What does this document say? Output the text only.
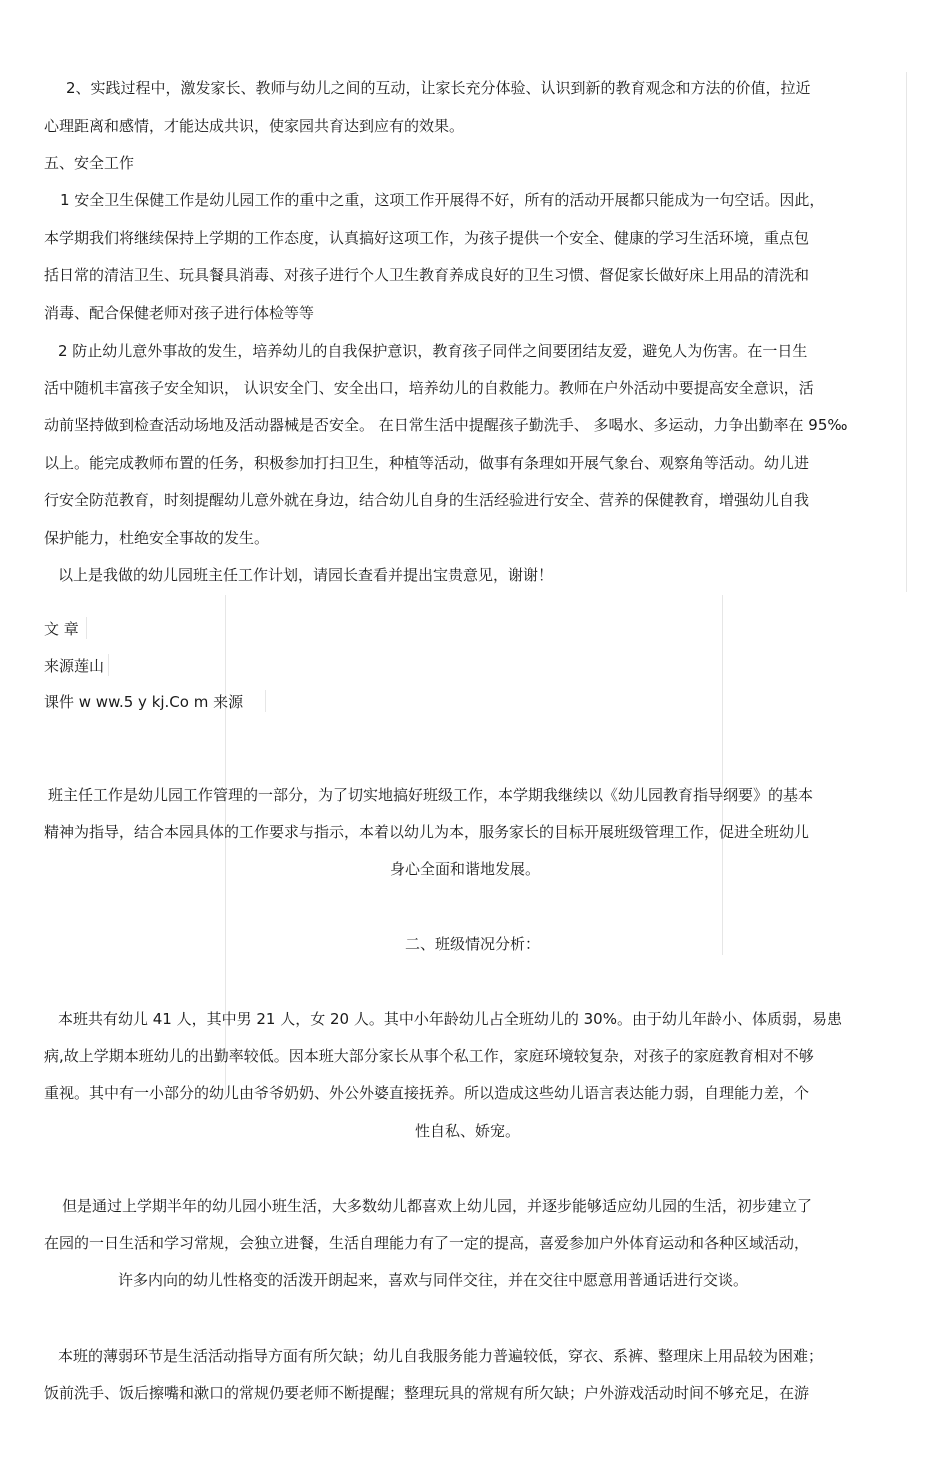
2、实践过程中，激发家长、教师与幼儿之间的互动，让家长充分体验、认识到新的教育观念和方法的价值，拉近
心理距离和感情，才能达成共识，使家园共育达到应有的效果。
五、安全工作
1 安全卫生保健工作是幼儿园工作的重中之重，这项工作开展得不好，所有的活动开展都只能成为一句空话。因此，
本学期我们将继续保持上学期的工作态度，认真搞好这项工作，为孩子提供一个安全、健康的学习生活环境，重点包
括日常的清洁卫生、玩具餐具消毒、对孩子进行个人卫生教育养成良好的卫生习惯、督促家长做好床上用品的清洗和
消毒、配合保健老师对孩子进行体检等等
2 防止幼儿意外事故的发生，培养幼儿的自我保护意识，教育孩子同伴之间要团结友爱，避免人为伤害。在一日生
活中随机丰富孩子安全知识， 认识安全门、安全出口，培养幼儿的自救能力。教师在户外活动中要提高安全意识，活
动前坚持做到检查活动场地及活动器械是否安全。 在日常生活中提醒孩子勤洗手、 多喝水、多运动，力争出勤率在 95‰
以上。能完成教师布置的任务，积极参加打扫卫生，种植等活动，做事有条理如开展气象台、观察角等活动。幼儿进
行安全防范教育，时刻提醒幼儿意外就在身边，结合幼儿自身的生活经验进行安全、营养的保健教育，增强幼儿自我
保护能力，杜绝安全事故的发生。
以上是我做的幼儿园班主任工作计划，请园长查看并提出宝贵意见，谢谢！
文 章
来源莲山
课件 w ww.5 y kj.Co m 来源
班主任工作是幼儿园工作管理的一部分，为了切实地搞好班级工作，本学期我继续以《幼儿园教育指导纲要》的基本
精神为指导，结合本园具体的工作要求与指示，本着以幼儿为本，服务家长的目标开展班级管理工作，促进全班幼儿
身心全面和谐地发展。
二、班级情况分析：
本班共有幼儿 41 人，其中男 21 人，女 20 人。其中小年龄幼儿占全班幼儿的 30%。由于幼儿年龄小、体质弱，易患
病,故上学期本班幼儿的出勤率较低。因本班大部分家长从事个私工作，家庭环境较复杂，对孩子的家庭教育相对不够
重视。其中有一小部分的幼儿由爷爷奶奶、外公外婆直接抚养。所以造成这些幼儿语言表达能力弱，自理能力差，个
性自私、娇宠。
但是通过上学期半年的幼儿园小班生活，大多数幼儿都喜欢上幼儿园，并逐步能够适应幼儿园的生活，初步建立了
在园的一日生活和学习常规，会独立进餐，生活自理能力有了一定的提高，喜爱参加户外体育运动和各种区域活动，
许多内向的幼儿性格变的活泼开朗起来，喜欢与同伴交往，并在交往中愿意用普通话进行交谈。
本班的薄弱环节是生活活动指导方面有所欠缺；幼儿自我服务能力普遍较低，穿衣、系裤、整理床上用品较为困难；
饭前洗手、饭后擦嘴和漱口的常规仍要老师不断提醒；整理玩具的常规有所欠缺；户外游戏活动时间不够充足，在游
